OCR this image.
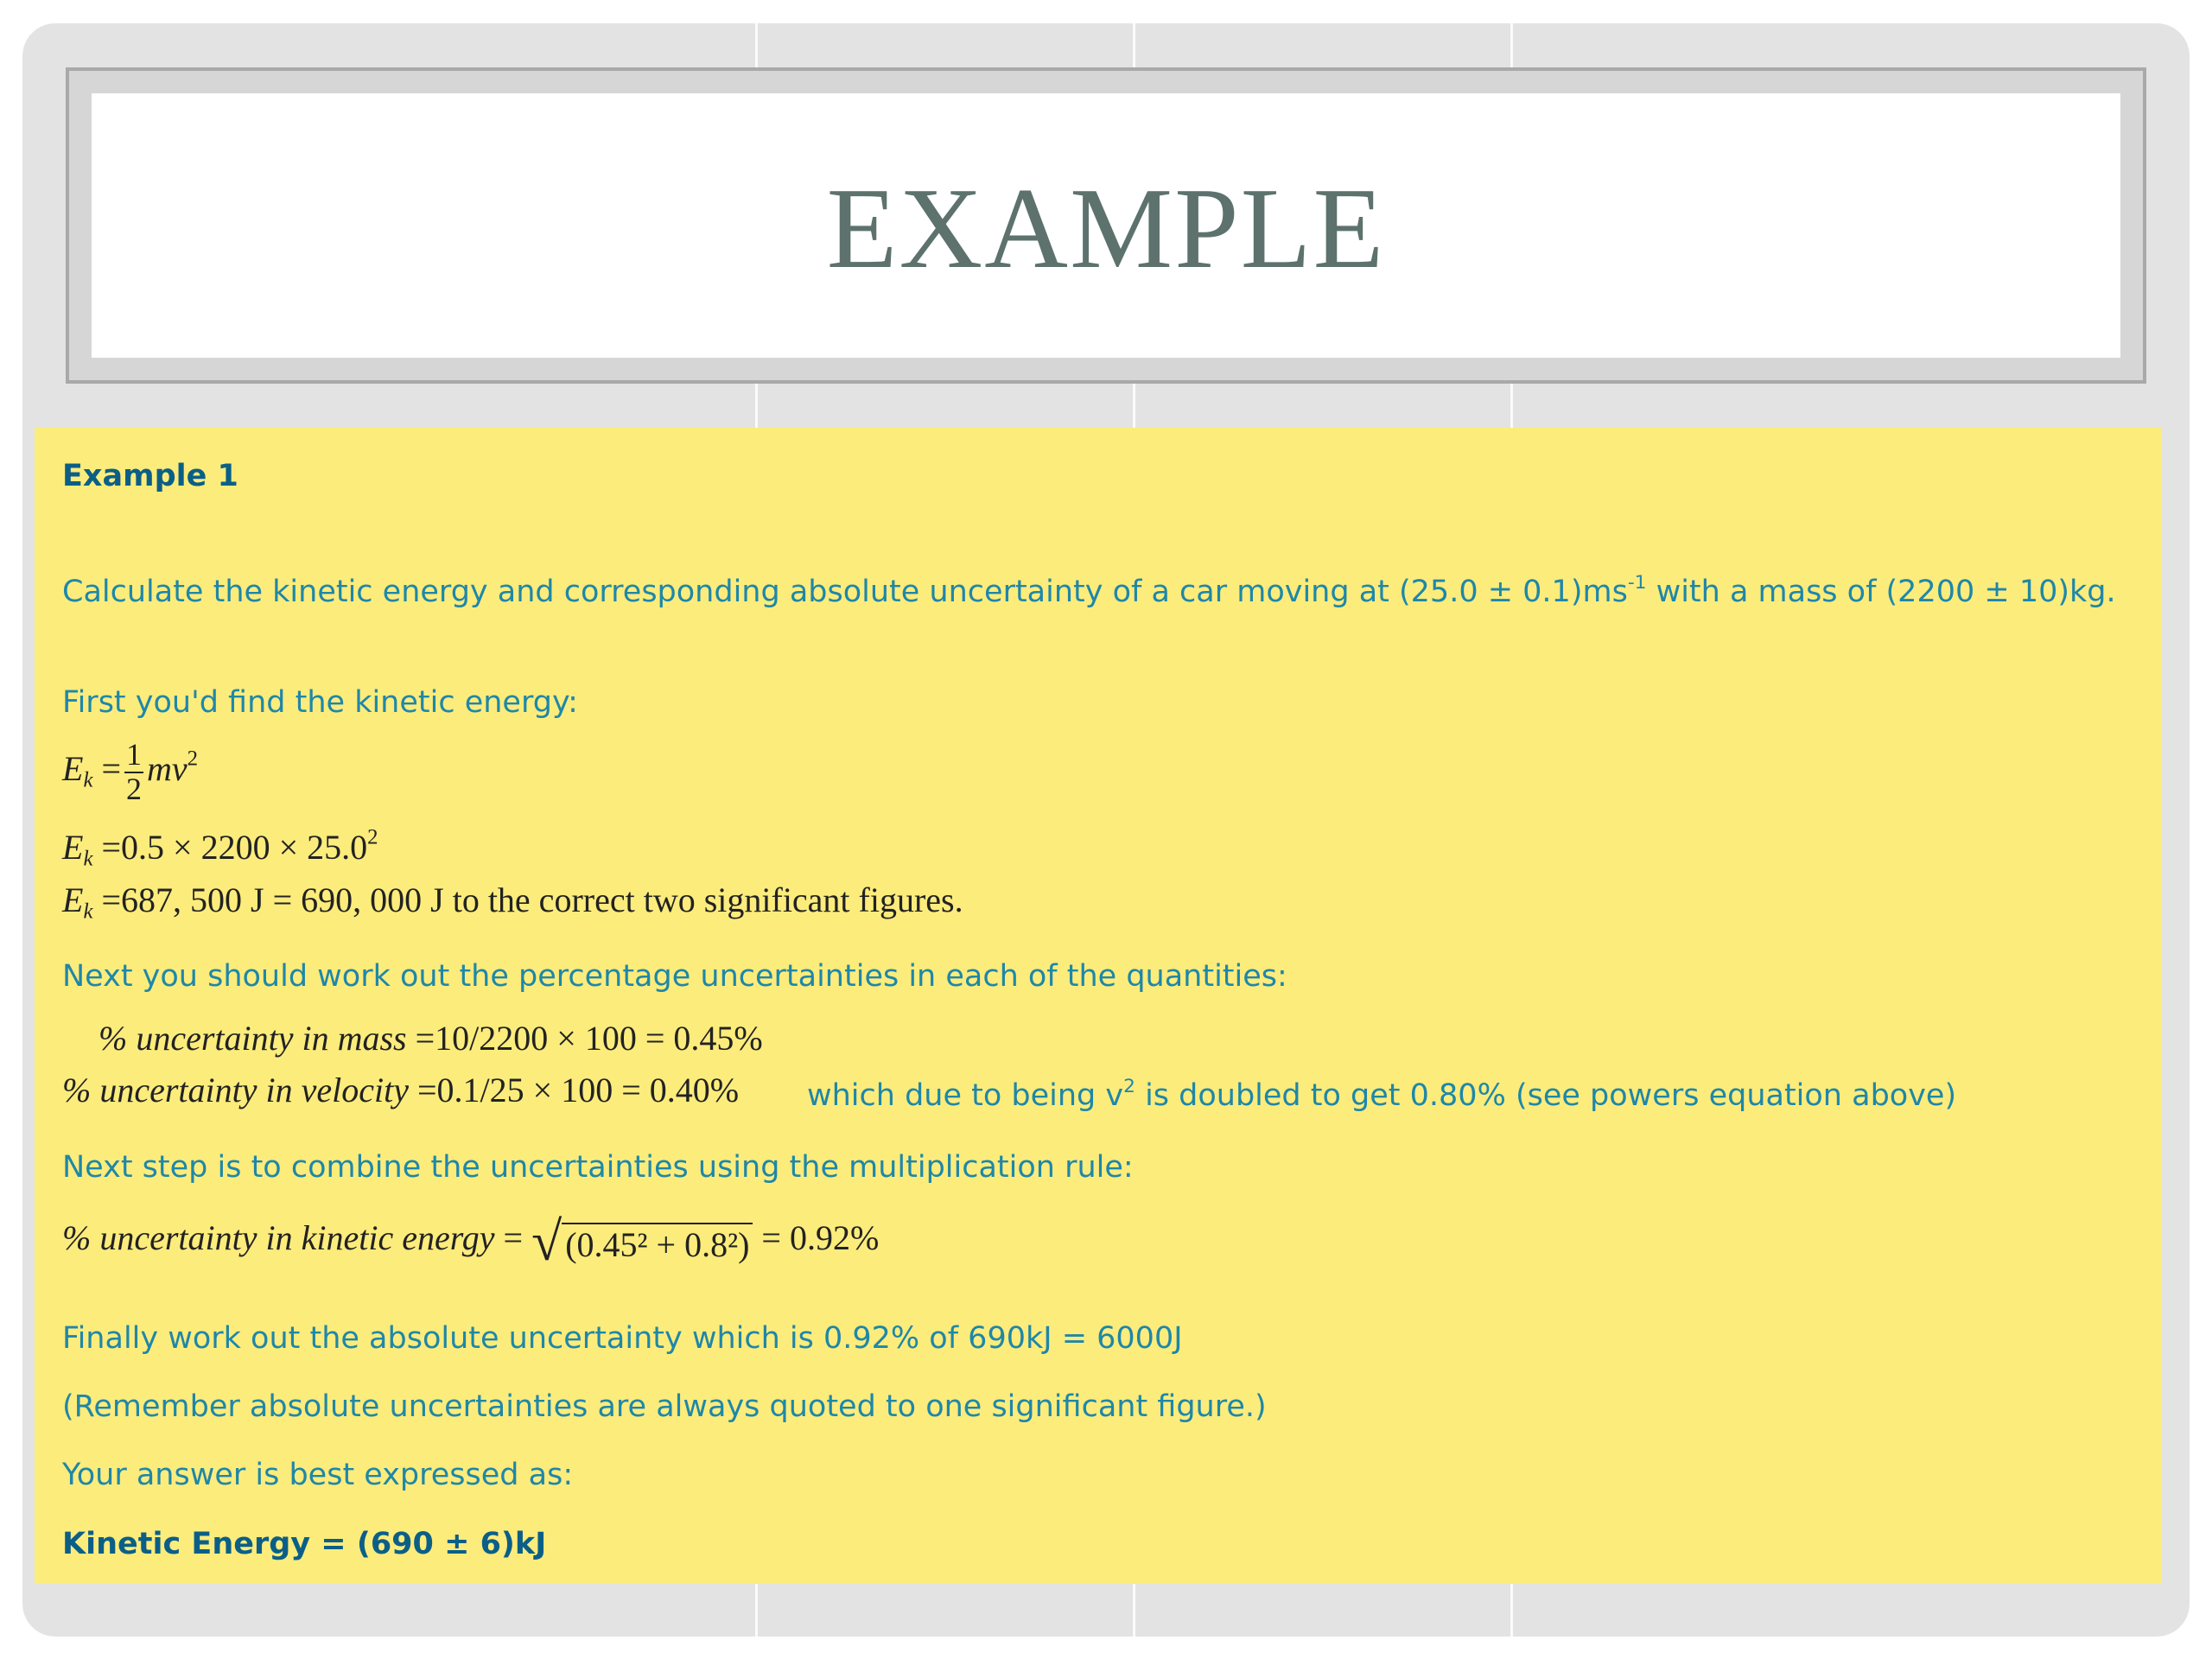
EXAMPLE
Example 1
Calculate the kinetic energy and corresponding absolute uncertainty of a car moving at $(25.0 \pm 0.1)ms^{-1}$ with a mass of (2200 ± 10)kg.
First you'd find the kinetic energy:
$E_k = \frac{1}{2} mv^2$
$E_k =0.5 \times 2200 \times 25.0^2$
$E_k =687$, 500 J = 690, 000 J to the correct two significant figures.
Next you should work out the percentage uncertainties in each of the quantities:
% uncertainty in mass =10/2200 × 100 = 0.45%
% uncertainty in velocity =0.1/25 × 100 = 0.40% which due to being $v^2$ is doubled to get 0.80% (see powers equation above)
Next step is to combine the uncertainties using the multiplication rule:
% uncertainty in kinetic energy = √ (0.45² + 0.8²) = 0.92%
Finally work out the absolute uncertainty which is 0.92% of 690kJ = 6000J
(Remember absolute uncertainties are always quoted to one significant figure.)
Your answer is best expressed as:
Kinetic Energy = (690 ± 6)kJ
